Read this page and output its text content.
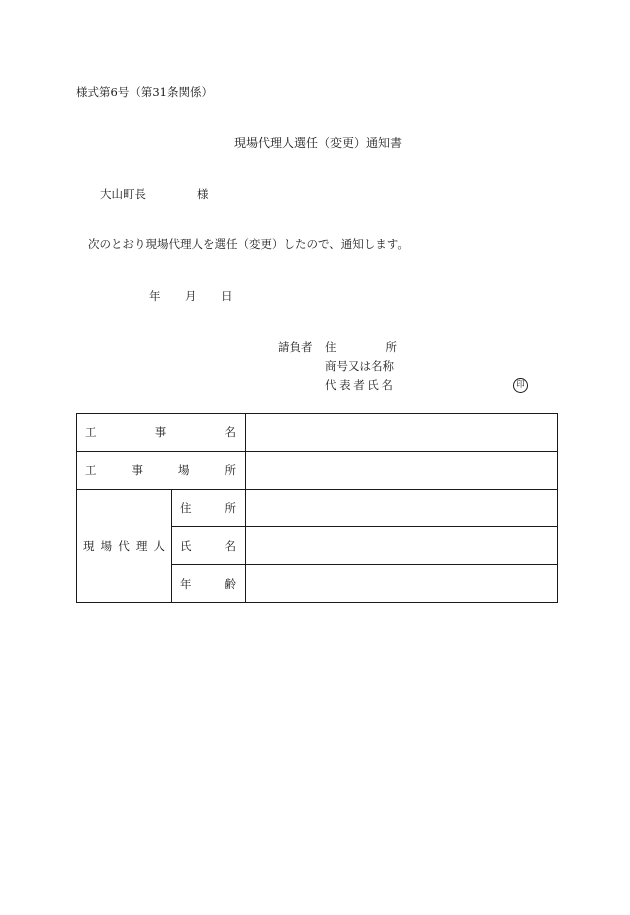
様式第6号（第31条関係）
現場代理人選任（変更）通知書
大山町長	様
次のとおり現場代理人を選任（変更）したので、通知します。
年 月 日
請負者 住	所
商号又は名称
代表者氏名	印
工 事 名		

工 事 場 所		

現 場 代 理 人	住 所	

	氏 名	

	年 齢	
